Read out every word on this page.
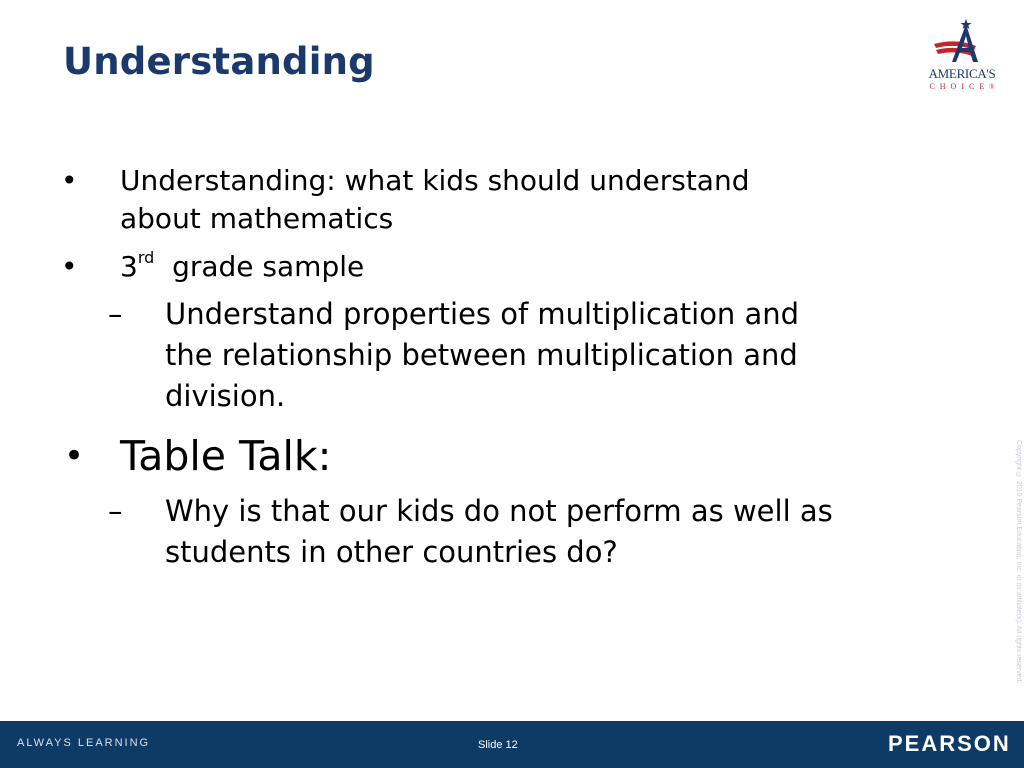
Understanding	AMERICA'S
CHOICE®
• Understanding: what kids should understand
about mathematics
• 3rd  grade sample
– Understand properties of multiplication and
the relationship between multiplication and
division.
• Table Talk:
– Why is that our kids do not perform as well as
students in other countries do?	Copyright © 2010 Pearson Education, Inc. or its affiliate(s). All rights reserved.
ALWAYS LEARNING	Slide 12	PEARSON
